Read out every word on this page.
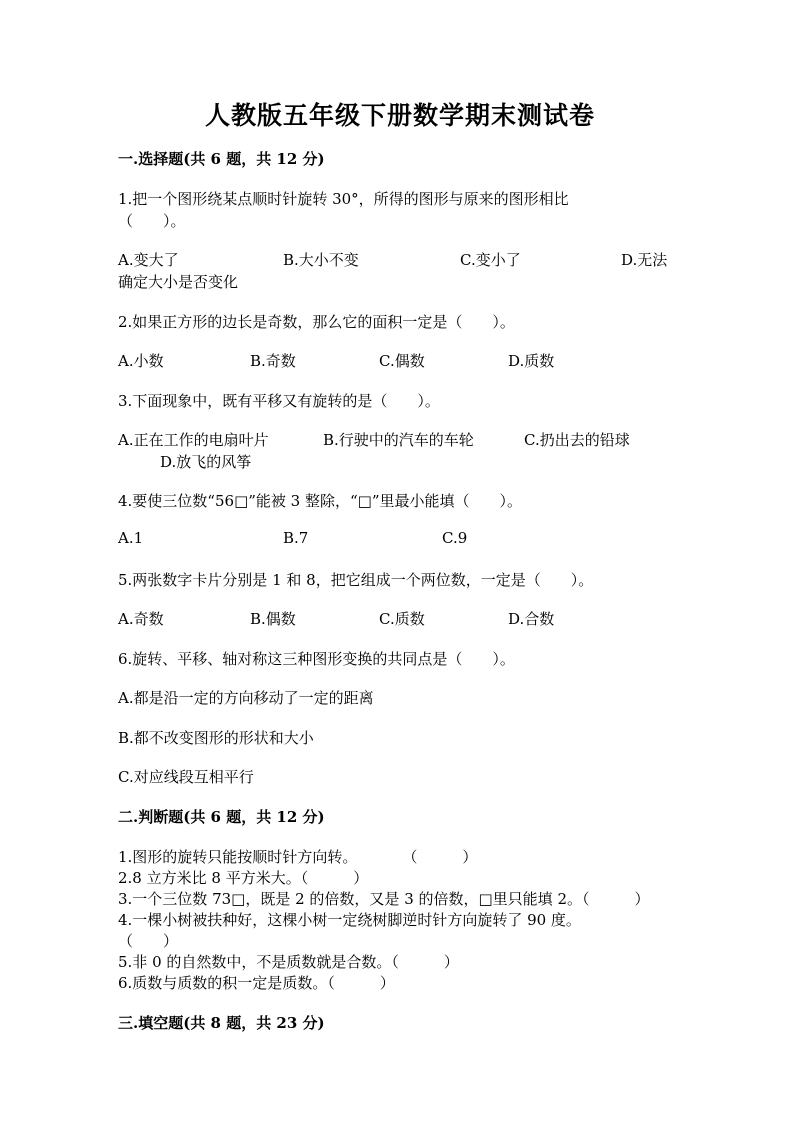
人教版五年级下册数学期末测试卷
一.选择题(共 6 题，共 12 分)
1.把一个图形绕某点顺时针旋转 30°，所得的图形与原来的图形相比
（　　）。
A.变大了	B.大小不变	C.变小了	D.无法
确定大小是否变化
2.如果正方形的边长是奇数，那么它的面积一定是（　　）。
A.小数	B.奇数	C.偶数	D.质数
3.下面现象中，既有平移又有旋转的是（　　）。
A.正在工作的电扇叶片	B.行驶中的汽车的车轮	C.扔出去的铅球
D.放飞的风筝
4.要使三位数“56□”能被 3 整除，“□”里最小能填（　　）。
A.1	B.7	C.9
5.两张数字卡片分别是 1 和 8，把它组成一个两位数，一定是（　　）。
A.奇数	B.偶数	C.质数	D.合数
6.旋转、平移、轴对称这三种图形变换的共同点是（　　）。
A.都是沿一定的方向移动了一定的距离
B.都不改变图形的形状和大小
C.对应线段互相平行
二.判断题(共 6 题，共 12 分)
1.图形的旋转只能按顺时针方向转。　　　　（　　　）
2.8 立方米比 8 平方米大。（　　　）
3.一个三位数 73□，既是 2 的倍数，又是 3 的倍数，□里只能填 2。（　　　）
4.一棵小树被扶种好，这棵小树一定绕树脚逆时针方向旋转了 90 度。
（　　）
5.非 0 的自然数中，不是质数就是合数。（　　　）
6.质数与质数的积一定是质数。（　　　）
三.填空题(共 8 题，共 23 分)
